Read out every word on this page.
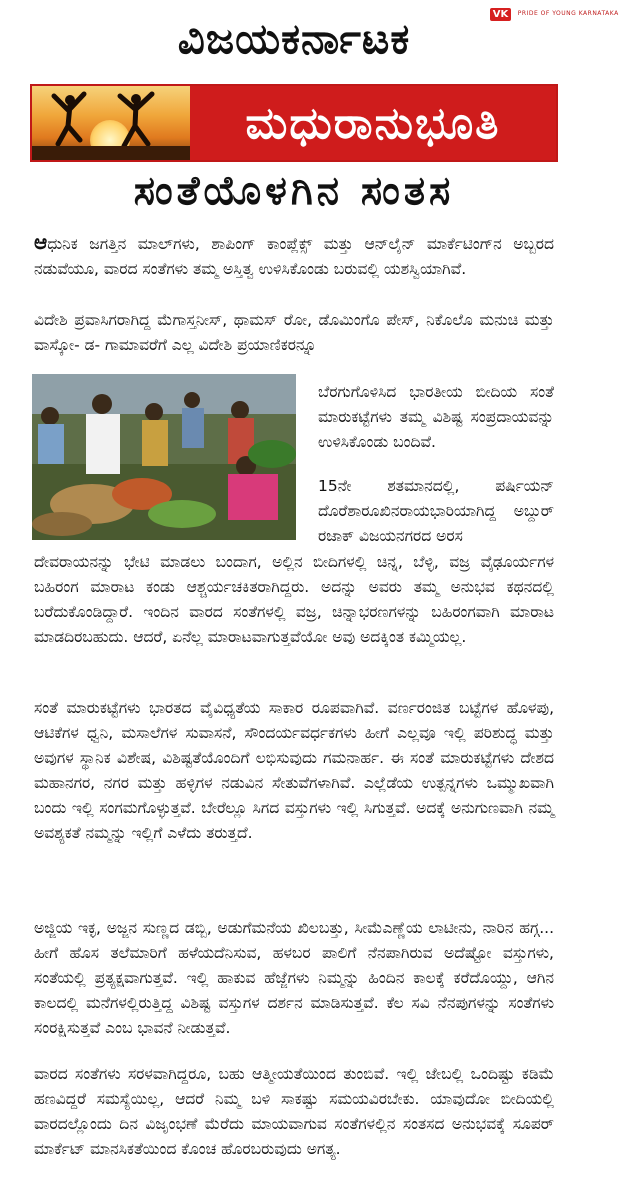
VK	PRIDE OF YOUNG KARNATAKA
ವಿಜಯಕರ್ನಾಟಕ
ಮಧುರಾನುಭೂತಿ
ಸಂತೆಯೊಳಗಿನ ಸಂತಸ

ಆಧುನಿಕ ಜಗತ್ತಿನ ಮಾಲ್‌ಗಳು, ಶಾಪಿಂಗ್ ಕಾಂಪ್ಲೆಕ್ಸ್ ಮತ್ತು ಆನ್‌ಲೈನ್ ಮಾರ್ಕೆಟಿಂಗ್‌ನ ಅಬ್ಬರದ ನಡುವೆಯೂ, ವಾರದ ಸಂತೆಗಳು ತಮ್ಮ ಅಸ್ತಿತ್ವ ಉಳಿಸಿಕೊಂಡು ಬರುವಲ್ಲಿ ಯಶಸ್ವಿಯಾಗಿವೆ.

ವಿದೇಶಿ ಪ್ರವಾಸಿಗರಾಗಿದ್ದ ಮೆಗಾಸ್ತನೀಸ್, ಥಾಮಸ್ ರೋ, ಡೊಮಿಂಗೊ ಪೇಸ್, ನಿಕೊಲೊ ಮನುಚಿ ಮತ್ತು ವಾಸ್ಕೋ- ಡ- ಗಾಮಾವರೆಗೆ ಎಲ್ಲ ವಿದೇಶಿ ಪ್ರಯಾಣಿಕರನ್ನೂ

ಬೆರಗುಗೊಳಿಸಿದ ಭಾರತೀಯ ಬೀದಿಯ ಸಂತೆ ಮಾರುಕಟ್ಟೆಗಳು ತಮ್ಮ ವಿಶಿಷ್ಟ ಸಂಪ್ರದಾಯವನ್ನು ಉಳಿಸಿಕೊಂಡು ಬಂದಿವೆ.

15ನೇ ಶತಮಾನದಲ್ಲಿ, ಪರ್ಷಿಯನ್ ದೊರೆಶಾರೂಖಿನರಾಯಭಾರಿಯಾಗಿದ್ದ ಅಬ್ದುರ್ ರಜಾಕ್ ವಿಜಯನಗರದ ಅರಸ

ದೇವರಾಯನನ್ನು ಭೇಟಿ ಮಾಡಲು ಬಂದಾಗ, ಅಲ್ಲಿನ ಬೀದಿಗಳಲ್ಲಿ ಚಿನ್ನ, ಬೆಳ್ಳಿ, ವಜ್ರ ವೈಢೂರ್ಯಗಳ ಬಹಿರಂಗ ಮಾರಾಟ ಕಂಡು ಆಶ್ಚರ್ಯಚಕಿತರಾಗಿದ್ದರು. ಅದನ್ನು ಅವರು ತಮ್ಮ ಅನುಭವ ಕಥನದಲ್ಲಿ ಬರೆದುಕೊಂಡಿದ್ದಾರೆ. ಇಂದಿನ ವಾರದ ಸಂತೆಗಳಲ್ಲಿ ವಜ್ರ, ಚಿನ್ನಾಭರಣಗಳನ್ನು ಬಹಿರಂಗವಾಗಿ ಮಾರಾಟ ಮಾಡದಿರಬಹುದು. ಆದರೆ, ಏನೆಲ್ಲ ಮಾರಾಟವಾಗುತ್ತವೆಯೋ ಅವು ಅದಕ್ಕಿಂತ ಕಮ್ಮಿಯಲ್ಲ.

ಸಂತೆ ಮಾರುಕಟ್ಟೆಗಳು ಭಾರತದ ವೈವಿಧ್ಯತೆಯ ಸಾಕಾರ ರೂಪವಾಗಿವೆ. ವರ್ಣರಂಜಿತ ಬಟ್ಟೆಗಳ ಹೊಳಪು, ಆಟಿಕೆಗಳ ಧ್ವನಿ, ಮಸಾಲೆಗಳ ಸುವಾಸನೆ, ಸೌಂದರ್ಯವರ್ಧಕಗಳು ಹೀಗೆ ಎಲ್ಲವೂ ಇಲ್ಲಿ ಪರಿಶುದ್ಧ ಮತ್ತು ಅವುಗಳ ಸ್ಥಾನಿಕ ವಿಶೇಷ, ವಿಶಿಷ್ಟತೆಯೊಂದಿಗೆ ಲಭಿಸುವುದು ಗಮನಾರ್ಹ. ಈ ಸಂತೆ ಮಾರುಕಟ್ಟೆಗಳು ದೇಶದ ಮಹಾನಗರ, ನಗರ ಮತ್ತು ಹಳ್ಳಿಗಳ ನಡುವಿನ ಸೇತುವೆಗಳಾಗಿವೆ. ಎಲ್ಲೆಡೆಯ ಉತ್ಪನ್ನಗಳು ಒಮ್ಮುಖವಾಗಿ ಬಂದು ಇಲ್ಲಿ ಸಂಗಮಗೊಳ್ಳುತ್ತವೆ. ಬೇರೆಲ್ಲೂ ಸಿಗದ ವಸ್ತುಗಳು ಇಲ್ಲಿ ಸಿಗುತ್ತವೆ. ಅದಕ್ಕೆ ಅನುಗುಣವಾಗಿ ನಮ್ಮ ಅವಶ್ಯಕತೆ ನಮ್ಮನ್ನು ಇಲ್ಲಿಗೆ ಎಳೆದು ತರುತ್ತದೆ.

ಅಜ್ಜಿಯ ಇಕ್ಳ, ಅಜ್ಜನ ಸುಣ್ಣದ ಡಬ್ಬಿ, ಅಡುಗೆಮನೆಯ ಖಿಲಬತ್ತು, ಸೀಮೆಎಣ್ಣೆಯ ಲಾಟೀನು, ನಾರಿನ ಹಗ್ಗ... ಹೀಗೆ ಹೊಸ ತಲೆಮಾರಿಗೆ ಹಳೆಯದೆನಿಸುವ, ಹಳಬರ ಪಾಲಿಗೆ ನೆನಪಾಗಿರುವ ಅದೆಷ್ಟೋ ವಸ್ತುಗಳು, ಸಂತೆಯಲ್ಲಿ ಪ್ರತ್ಯಕ್ಷವಾಗುತ್ತವೆ. ಇಲ್ಲಿ ಹಾಕುವ ಹೆಜ್ಜೆಗಳು ನಿಮ್ಮನ್ನು ಹಿಂದಿನ ಕಾಲಕ್ಕೆ ಕರೆದೊಯ್ದು, ಆಗಿನ ಕಾಲದಲ್ಲಿ ಮನೆಗಳಲ್ಲಿರುತ್ತಿದ್ದ ವಿಶಿಷ್ಟ ವಸ್ತುಗಳ ದರ್ಶನ ಮಾಡಿಸುತ್ತವೆ. ಕೆಲ ಸವಿ ನೆನಪುಗಳನ್ನು ಸಂತೆಗಳು ಸಂರಕ್ಷಿಸುತ್ತವೆ ಎಂಬ ಭಾವನೆ ನೀಡುತ್ತವೆ.

ವಾರದ ಸಂತೆಗಳು ಸರಳವಾಗಿದ್ದರೂ, ಬಹು ಆತ್ಮೀಯತೆಯಿಂದ ತುಂಬಿವೆ. ಇಲ್ಲಿ ಜೇಬಲ್ಲಿ ಒಂದಿಷ್ಟು ಕಡಿಮೆ ಹಣವಿದ್ದರೆ ಸಮಸ್ಯೆಯಿಲ್ಲ, ಆದರೆ ನಿಮ್ಮ ಬಳಿ ಸಾಕಷ್ಟು ಸಮಯವಿರಬೇಕು. ಯಾವುದೋ ಬೀದಿಯಲ್ಲಿ ವಾರದಲ್ಲೊಂದು ದಿನ ವಿಜೃಂಭಣೆ ಮೆರೆದು ಮಾಯವಾಗುವ ಸಂತೆಗಳಲ್ಲಿನ ಸಂತಸದ ಅನುಭವಕ್ಕೆ ಸೂಪರ್ ಮಾರ್ಕೆಟ್ ಮಾನಸಿಕತೆಯಿಂದ ಕೊಂಚ ಹೊರಬರುವುದು ಅಗತ್ಯ.
